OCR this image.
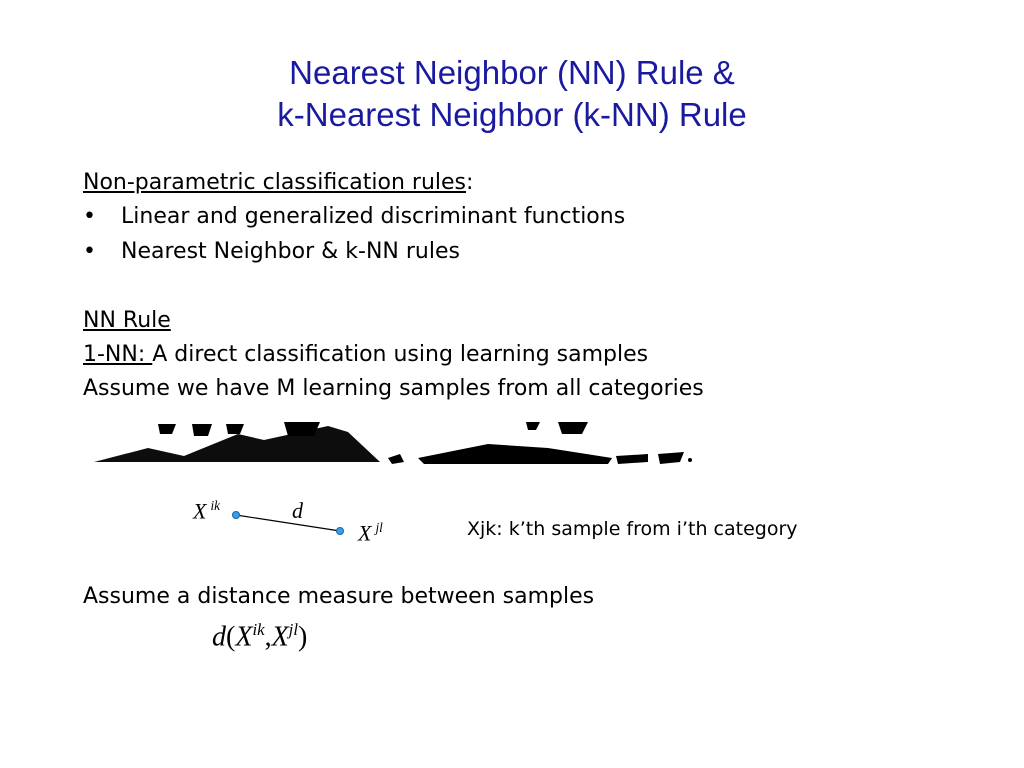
Nearest Neighbor (NN) Rule &
k-Nearest Neighbor (k-NN) Rule
Non-parametric classification rules:
• Linear and generalized discriminant functions
• Nearest Neighbor & k-NN rules
NN Rule
1-NN: A direct classification using learning samples
Assume we have M learning samples from all categories
X $^{ik}$	d
X $^{jl}$	Xjk: k’th sample from i’th category
Assume a distance measure between samples
$d(X^{ik},X^{jl})$
